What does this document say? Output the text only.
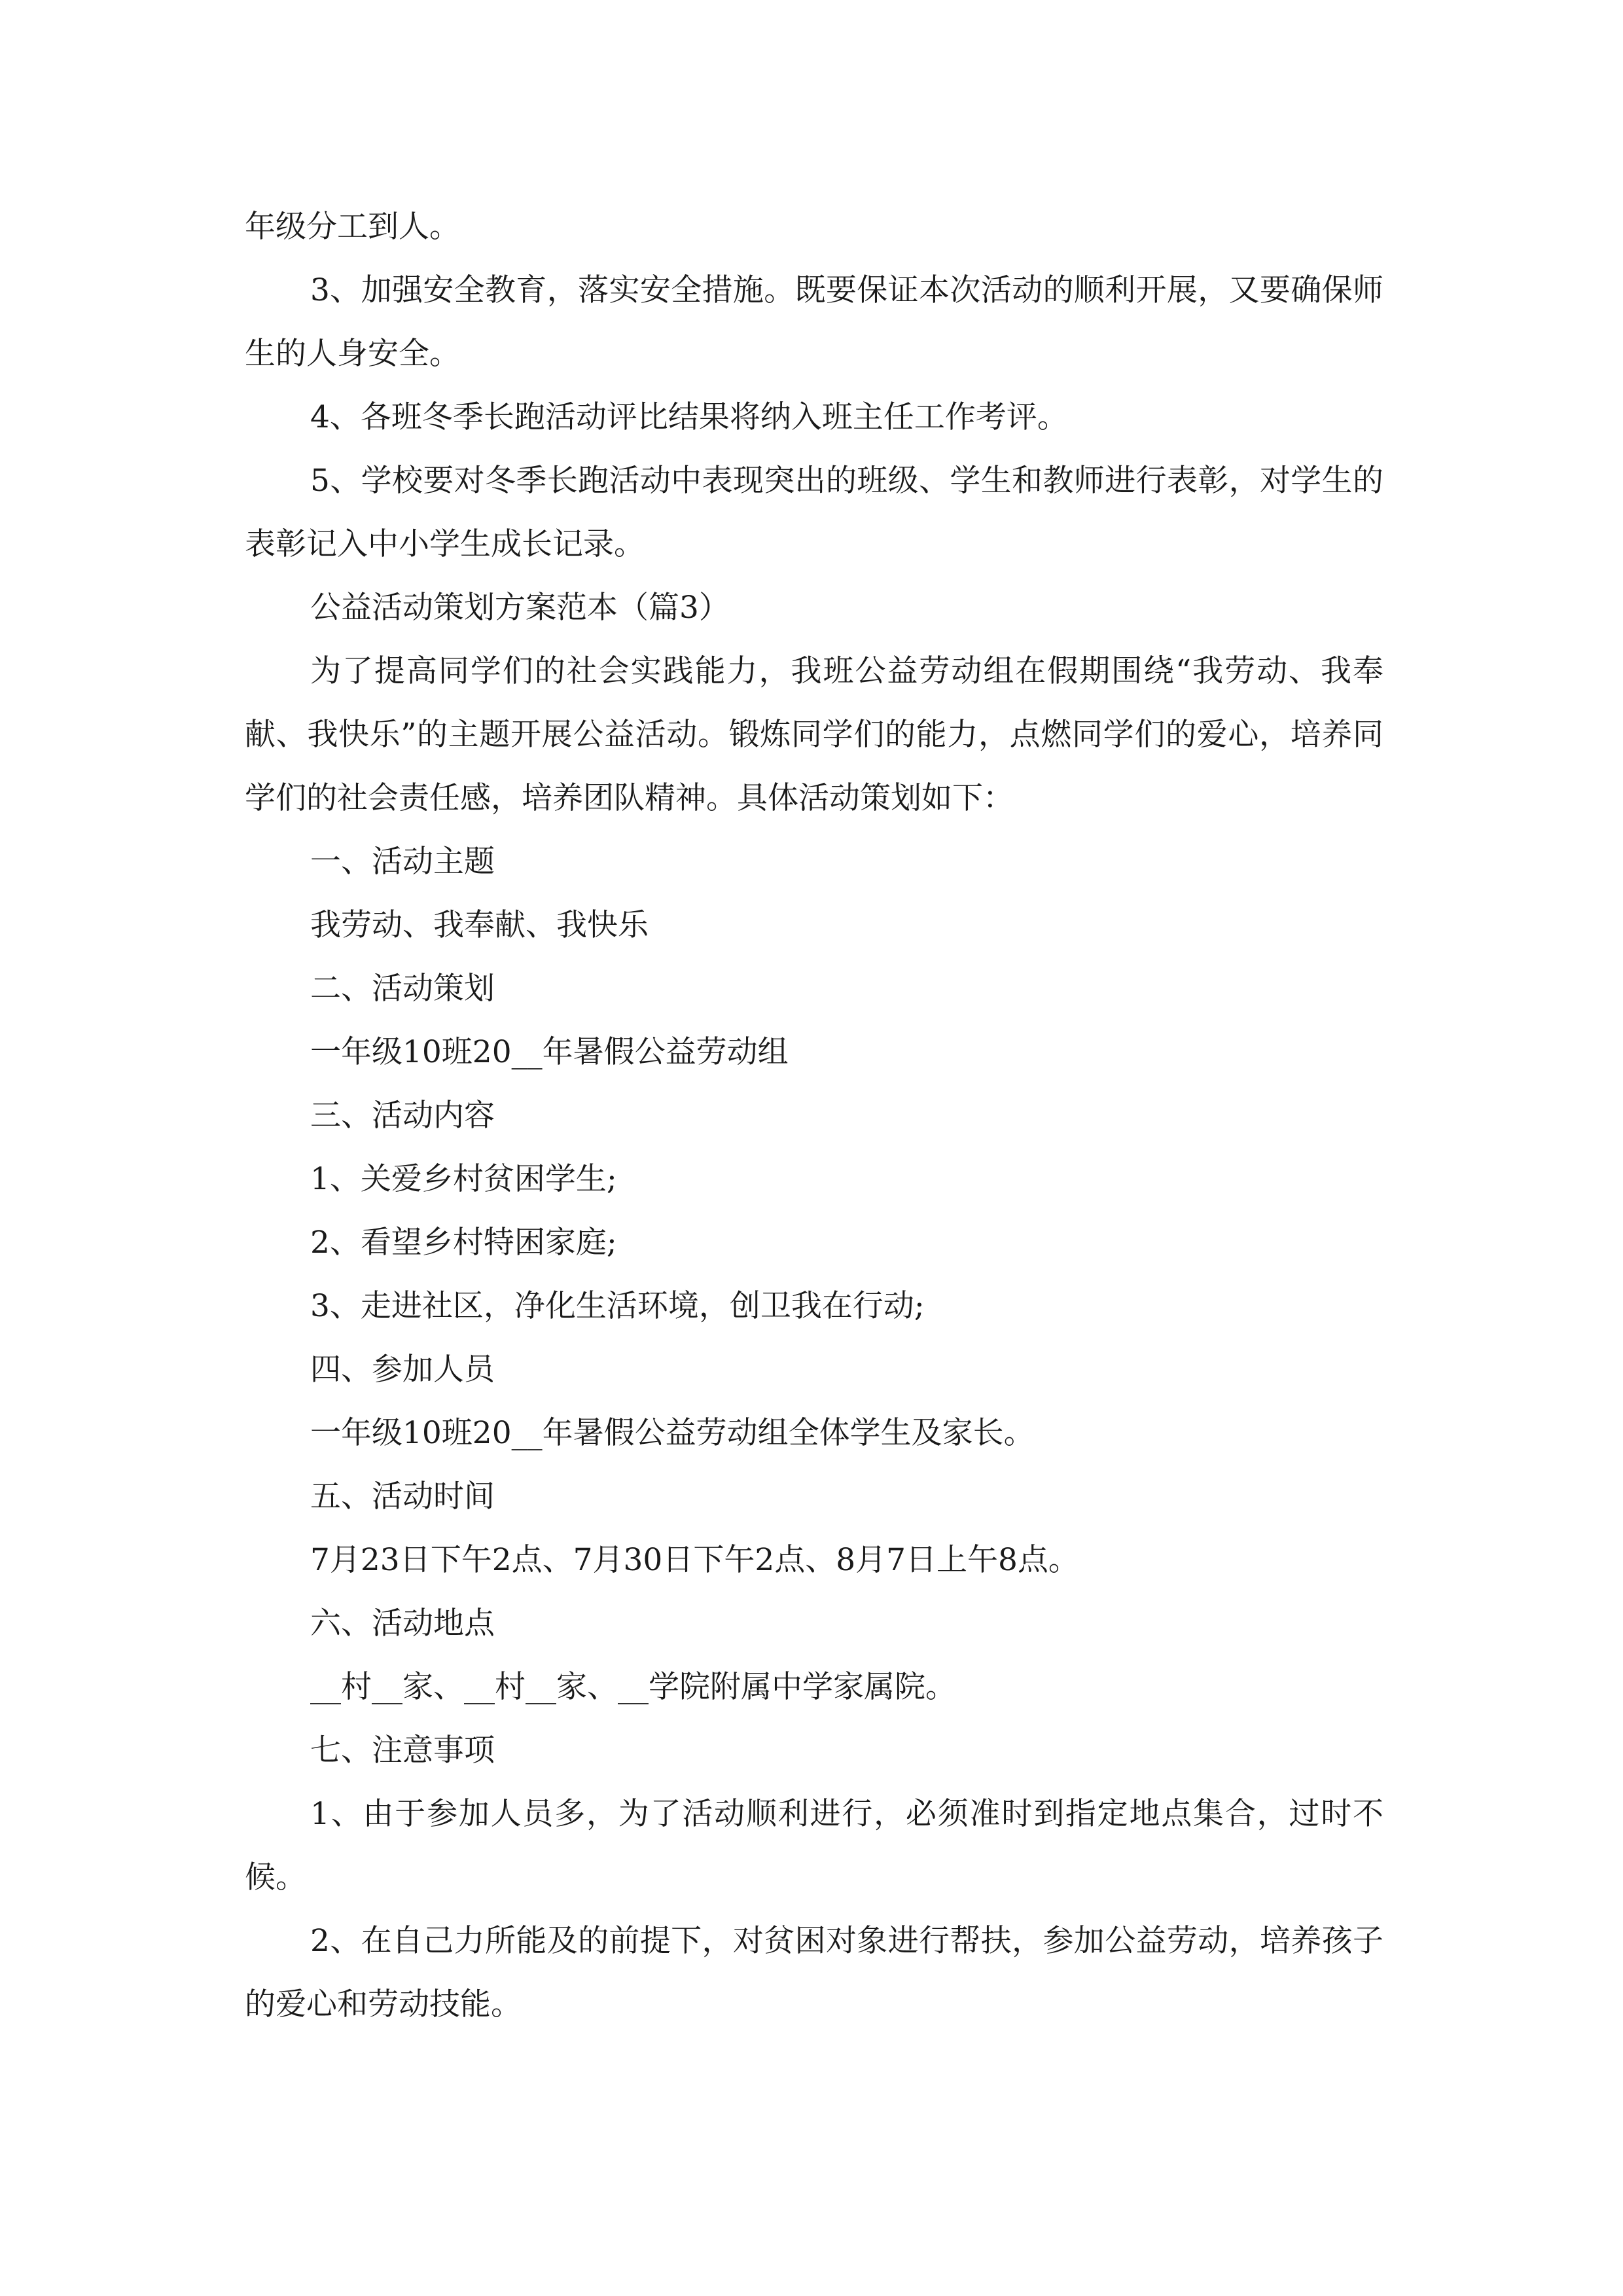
年级分工到人。

3、加强安全教育，落实安全措施。既要保证本次活动的顺利开展，又要确保师生的人身安全。

4、各班冬季长跑活动评比结果将纳入班主任工作考评。

5、学校要对冬季长跑活动中表现突出的班级、学生和教师进行表彰，对学生的表彰记入中小学生成长记录。

公益活动策划方案范本（篇3）

为了提高同学们的社会实践能力，我班公益劳动组在假期围绕“我劳动、我奉献、我快乐”的主题开展公益活动。锻炼同学们的能力，点燃同学们的爱心，培养同学们的社会责任感，培养团队精神。具体活动策划如下：

一、活动主题

我劳动、我奉献、我快乐

二、活动策划

一年级10班20__年暑假公益劳动组

三、活动内容

1、关爱乡村贫困学生;

2、看望乡村特困家庭;

3、走进社区，净化生活环境，创卫我在行动;

四、参加人员

一年级10班20__年暑假公益劳动组全体学生及家长。

五、活动时间

7月23日下午2点、7月30日下午2点、8月7日上午8点。

六、活动地点

__村__家、__村__家、__学院附属中学家属院。

七、注意事项

1、由于参加人员多，为了活动顺利进行，必须准时到指定地点集合，过时不候。

2、在自己力所能及的前提下，对贫困对象进行帮扶，参加公益劳动，培养孩子的爱心和劳动技能。
